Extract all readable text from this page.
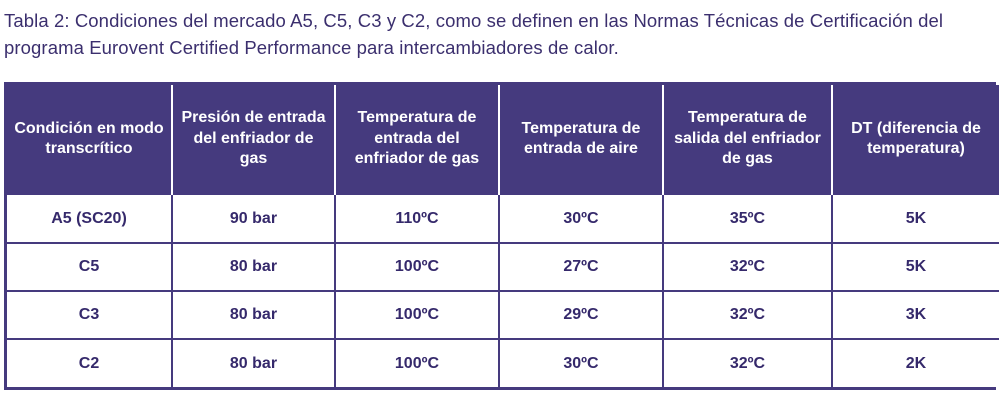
Tabla 2: Condiciones del mercado A5, C5, C3 y C2, como se definen en las Normas Técnicas de Certificación del programa Eurovent Certified Performance para intercambiadores de calor.
Condición en modo transcrítico	Presión de entrada del enfriador de gas	Temperatura de entrada del enfriador de gas	Temperatura de entrada de aire	Temperatura de salida del enfriador de gas	DT (diferencia de temperatura)
A5 (SC20)	90 bar	110ºC	30ºC	35ºC	5K
C5	80 bar	100ºC	27ºC	32ºC	5K
C3	80 bar	100ºC	29ºC	32ºC	3K
C2	80 bar	100ºC	30ºC	32ºC	2K
